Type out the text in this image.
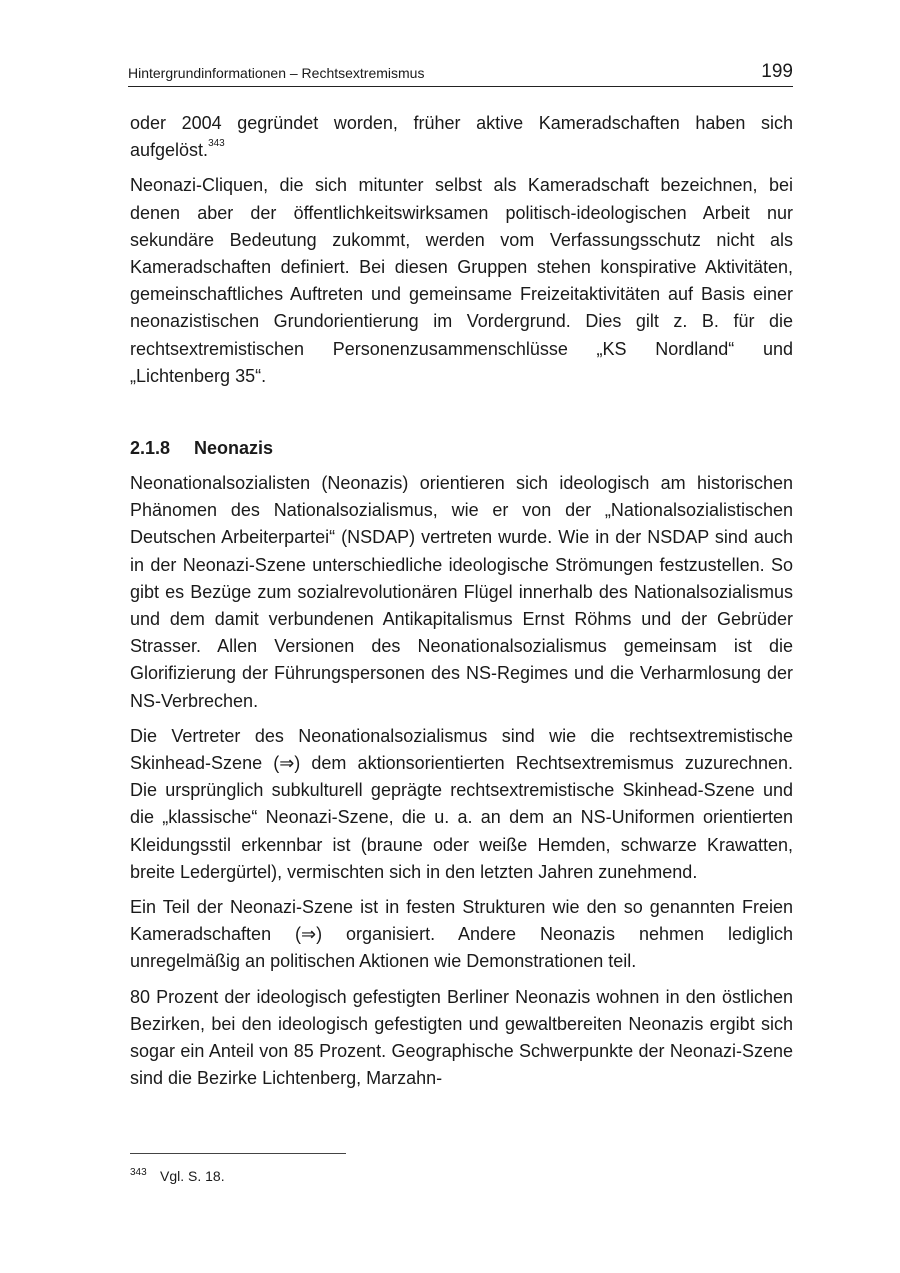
Hintergrundinformationen – Rechtsextremismus	199

oder 2004 gegründet worden, früher aktive Kameradschaften haben sich aufgelöst.$^{343}$

Neonazi-Cliquen, die sich mitunter selbst als Kameradschaft bezeichnen, bei denen aber der öffentlichkeitswirksamen politisch-ideologischen Arbeit nur sekundäre Bedeutung zukommt, werden vom Verfassungsschutz nicht als Kameradschaften definiert. Bei diesen Gruppen stehen konspirative Aktivitäten, gemeinschaftliches Auftreten und gemeinsame Freizeitaktivitäten auf Basis einer neonazistischen Grundorientierung im Vordergrund. Dies gilt z. B. für die rechtsextremistischen Personenzusammenschlüsse „KS Nordland“ und „Lichtenberg 35“.

2.1.8 Neonazis

Neonationalsozialisten (Neonazis) orientieren sich ideologisch am historischen Phänomen des Nationalsozialismus, wie er von der „Nationalsozialistischen Deutschen Arbeiterpartei“ (NSDAP) vertreten wurde. Wie in der NSDAP sind auch in der Neonazi-Szene unterschiedliche ideologische Strömungen festzustellen. So gibt es Bezüge zum sozialrevolutionären Flügel innerhalb des Nationalsozialismus und dem damit verbundenen Antikapitalismus Ernst Röhms und der Gebrüder Strasser. Allen Versionen des Neonationalsozialismus gemeinsam ist die Glorifizierung der Führungspersonen des NS-Regimes und die Verharmlosung der NS-Verbrechen.

Die Vertreter des Neonationalsozialismus sind wie die rechtsextremistische Skinhead-Szene (⇒) dem aktionsorientierten Rechtsextremismus zuzurechnen. Die ursprünglich subkulturell geprägte rechtsextremistische Skinhead-Szene und die „klassische“ Neonazi-Szene, die u. a. an dem an NS-Uniformen orientierten Kleidungsstil erkennbar ist (braune oder weiße Hemden, schwarze Krawatten, breite Ledergürtel), vermischten sich in den letzten Jahren zunehmend.

Ein Teil der Neonazi-Szene ist in festen Strukturen wie den so genannten Freien Kameradschaften (⇒) organisiert. Andere Neonazis nehmen lediglich unregelmäßig an politischen Aktionen wie Demonstrationen teil.

80 Prozent der ideologisch gefestigten Berliner Neonazis wohnen in den östlichen Bezirken, bei den ideologisch gefestigten und gewaltbereiten Neonazis ergibt sich sogar ein Anteil von 85 Prozent. Geographische Schwerpunkte der Neonazi-Szene sind die Bezirke Lichtenberg, Marzahn-

343 Vgl. S. 18.
